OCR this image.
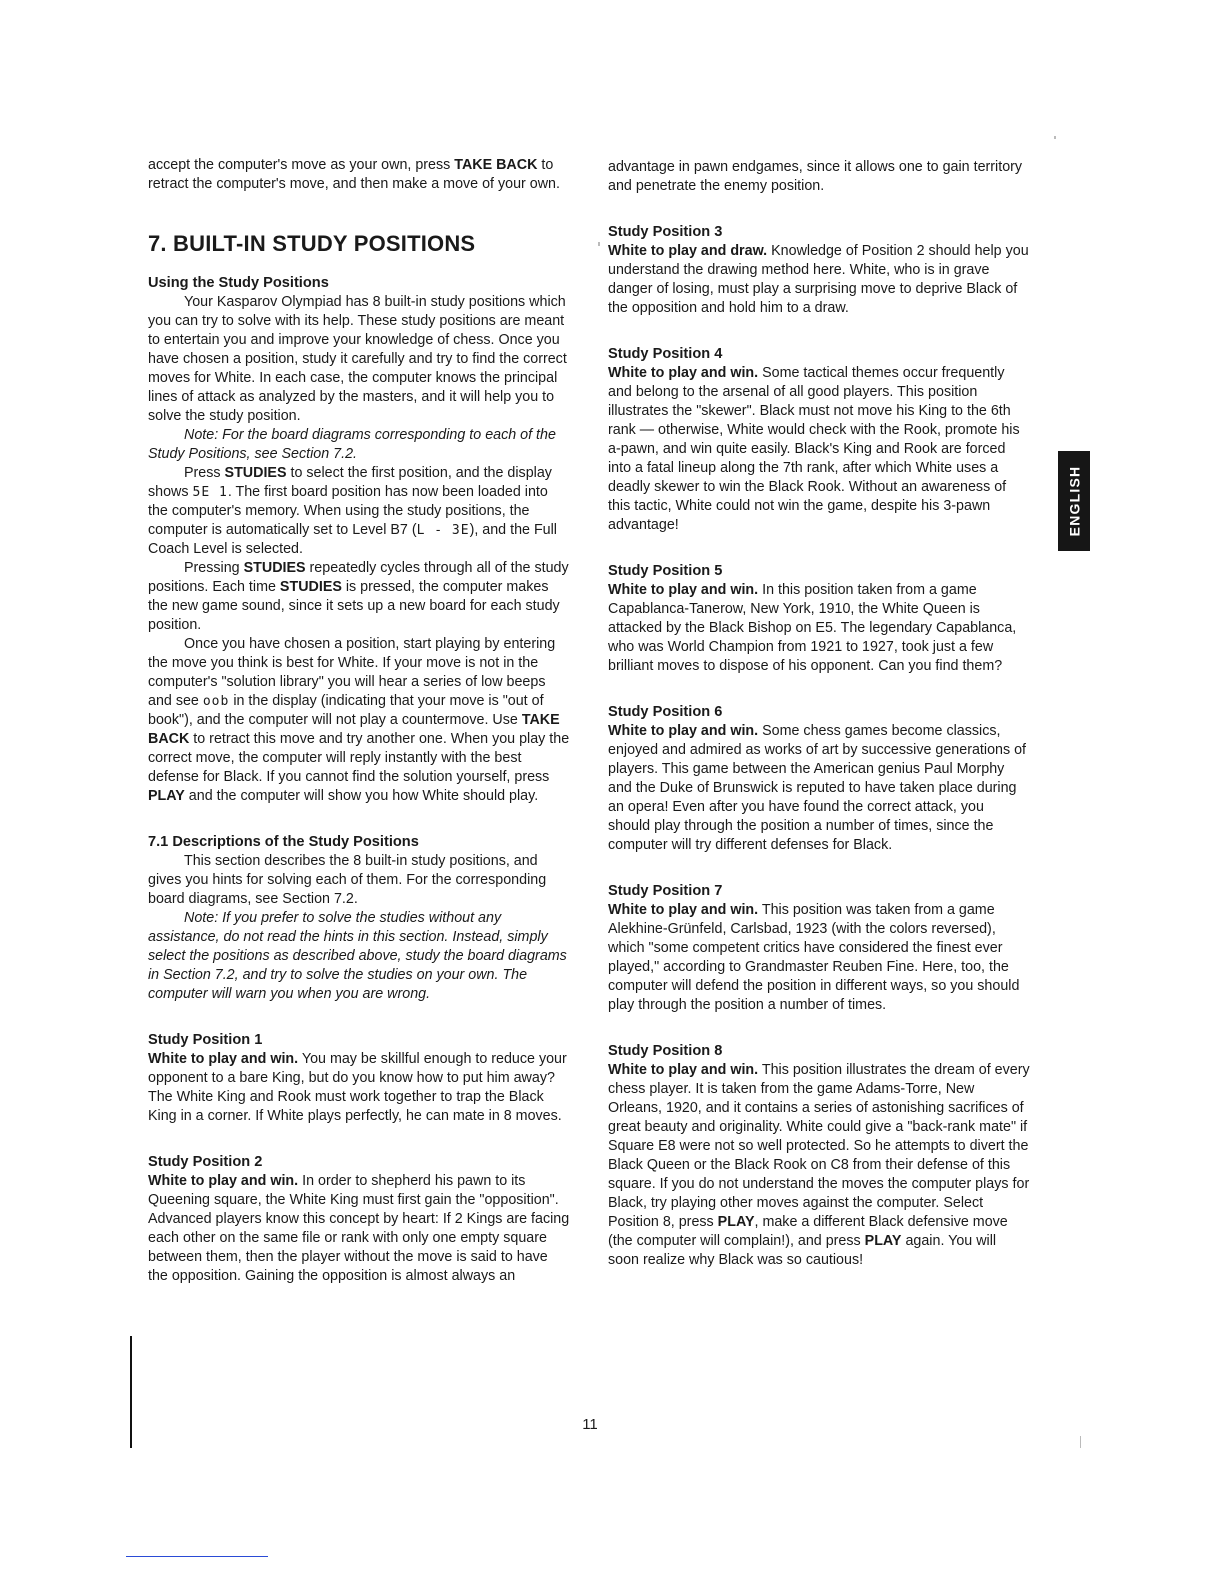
accept the computer's move as your own, press TAKE BACK to retract the computer's move, and then make a move of your own.

7. BUILT-IN STUDY POSITIONS
Using the Study Positions

Your Kasparov Olympiad has 8 built-in study positions which you can try to solve with its help. These study positions are meant to entertain you and improve your knowledge of chess. Once you have chosen a position, study it carefully and try to find the correct moves for White. In each case, the computer knows the principal lines of attack as analyzed by the masters, and it will help you to solve the study position.

Note: For the board diagrams corresponding to each of the Study Positions, see Section 7.2.

Press STUDIES to select the first position, and the display shows 5E 1. The first board position has now been loaded into the computer's memory. When using the study positions, the computer is automatically set to Level B7 (L - 3E), and the Full Coach Level is selected.

Pressing STUDIES repeatedly cycles through all of the study positions. Each time STUDIES is pressed, the computer makes the new game sound, since it sets up a new board for each study position.

Once you have chosen a position, start playing by entering the move you think is best for White. If your move is not in the computer's "solution library" you will hear a series of low beeps and see oob in the display (indicating that your move is "out of book"), and the computer will not play a countermove. Use TAKE BACK to retract this move and try another one. When you play the correct move, the computer will reply instantly with the best defense for Black. If you cannot find the solution yourself, press PLAY and the computer will show you how White should play.

7.1 Descriptions of the Study Positions

This section describes the 8 built-in study positions, and gives you hints for solving each of them. For the corresponding board diagrams, see Section 7.2.

Note: If you prefer to solve the studies without any assistance, do not read the hints in this section. Instead, simply select the positions as described above, study the board diagrams in Section 7.2, and try to solve the studies on your own. The computer will warn you when you are wrong.

Study Position 1

White to play and win. You may be skillful enough to reduce your opponent to a bare King, but do you know how to put him away? The White King and Rook must work together to trap the Black King in a corner. If White plays perfectly, he can mate in 8 moves.

Study Position 2

White to play and win. In order to shepherd his pawn to its Queening square, the White King must first gain the "opposition". Advanced players know this concept by heart: If 2 Kings are facing each other on the same file or rank with only one empty square between them, then the player without the move is said to have the opposition. Gaining the opposition is almost always an

advantage in pawn endgames, since it allows one to gain territory and penetrate the enemy position.

Study Position 3

White to play and draw. Knowledge of Position 2 should help you understand the drawing method here. White, who is in grave danger of losing, must play a surprising move to deprive Black of the opposition and hold him to a draw.

Study Position 4

White to play and win. Some tactical themes occur frequently and belong to the arsenal of all good players. This position illustrates the "skewer". Black must not move his King to the 6th rank — otherwise, White would check with the Rook, promote his a-pawn, and win quite easily. Black's King and Rook are forced into a fatal lineup along the 7th rank, after which White uses a deadly skewer to win the Black Rook. Without an awareness of this tactic, White could not win the game, despite his 3-pawn advantage!

Study Position 5

White to play and win. In this position taken from a game Capablanca-Tanerow, New York, 1910, the White Queen is attacked by the Black Bishop on E5. The legendary Capablanca, who was World Champion from 1921 to 1927, took just a few brilliant moves to dispose of his opponent. Can you find them?

Study Position 6

White to play and win. Some chess games become classics, enjoyed and admired as works of art by successive generations of players. This game between the American genius Paul Morphy and the Duke of Brunswick is reputed to have taken place during an opera! Even after you have found the correct attack, you should play through the position a number of times, since the computer will try different defenses for Black.

Study Position 7

White to play and win. This position was taken from a game Alekhine-Grünfeld, Carlsbad, 1923 (with the colors reversed), which "some competent critics have considered the finest ever played," according to Grandmaster Reuben Fine. Here, too, the computer will defend the position in different ways, so you should play through the position a number of times.

Study Position 8

White to play and win. This position illustrates the dream of every chess player. It is taken from the game Adams-Torre, New Orleans, 1920, and it contains a series of astonishing sacrifices of great beauty and originality. White could give a "back-rank mate" if Square E8 were not so well protected. So he attempts to divert the Black Queen or the Black Rook on C8 from their defense of this square. If you do not understand the moves the computer plays for Black, try playing other moves against the computer. Select Position 8, press PLAY, make a different Black defensive move (the computer will complain!), and press PLAY again. You will soon realize why Black was so cautious!

ENGLISH
11
